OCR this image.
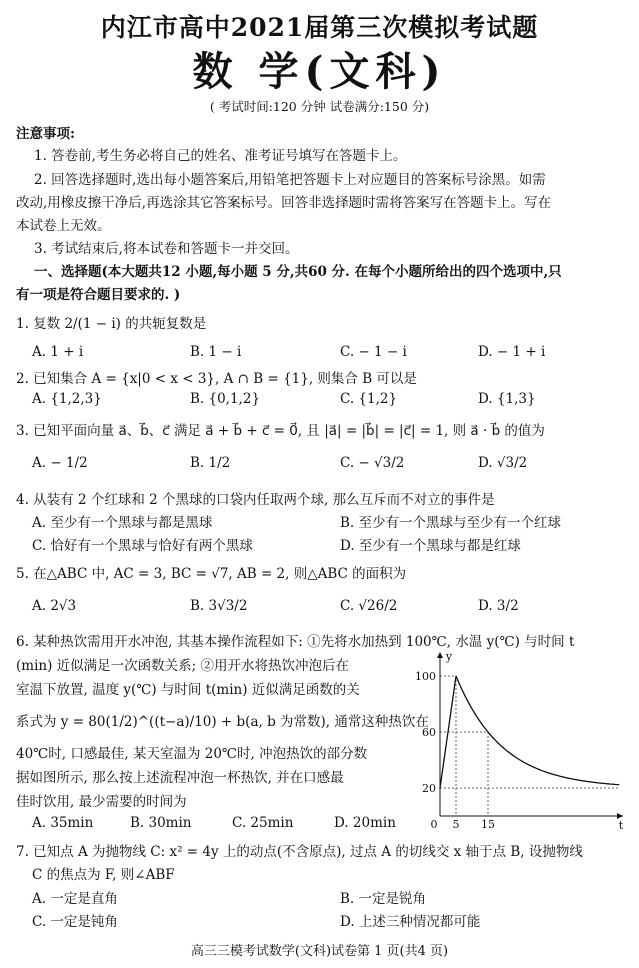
内江市高中2021届第三次模拟考试题
数 学(文科)
( 考试时间:120 分钟 试卷满分:150 分)
注意事项:
1. 答卷前,考生务必将自己的姓名、准考证号填写在答题卡上。
2. 回答选择题时,选出每小题答案后,用铅笔把答题卡上对应题目的答案标号涂黑。如需
改动,用橡皮擦干净后,再选涂其它答案标号。回答非选择题时需将答案写在答题卡上。写在
本试卷上无效。
3. 考试结束后,将本试卷和答题卡一并交回。
一、选择题(本大题共12 小题,每小题 5 分,共60 分. 在每个小题所给出的四个选项中,只
有一项是符合题目要求的. )
1. 复数 2/(1 − i) 的共轭复数是
A. 1 + i	B. 1 − i	C. − 1 − i	D. − 1 + i
2. 已知集合 A = {x|0 < x < 3}, A ∩ B = {1}, 则集合 B 可以是
A. {1,2,3}	B. {0,1,2}	C. {1,2}	D. {1,3}
3. 已知平面向量 a⃗、b⃗、c⃗ 满足 a⃗ + b⃗ + c⃗ = 0⃗, 且 |a⃗| = |b⃗| = |c⃗| = 1, 则 a⃗ · b⃗ 的值为
A. − 1/2	B. 1/2	C. − √3/2	D. √3/2
4. 从装有 2 个红球和 2 个黑球的口袋内任取两个球, 那么互斥而不对立的事件是
A. 至少有一个黑球与都是黑球	B. 至少有一个黑球与至少有一个红球
C. 恰好有一个黑球与恰好有两个黑球	D. 至少有一个黑球与都是红球
5. 在△ABC 中, AC = 3, BC = √7, AB = 2, 则△ABC 的面积为
A. 2√3	B. 3√3/2	C. √26/2	D. 3/2
6. 某种热饮需用开水冲泡, 其基本操作流程如下: ①先将水加热到 100℃, 水温 y(℃) 与时间 t
(min) 近似满足一次函数关系; ②用开水将热饮冲泡后在
室温下放置, 温度 y(℃) 与时间 t(min) 近似满足函数的关
系式为 y = 80(1/2)^((t−a)/10) + b(a, b 为常数), 通常这种热饮在
40℃时, 口感最佳, 某天室温为 20℃时, 冲泡热饮的部分数
据如图所示, 那么按上述流程冲泡一杯热饮, 并在口感最
佳时饮用, 最少需要的时间为
A. 35min	B. 30min	C. 25min	D. 20min	t
y
0
20
60
100
5 15
7. 已知点 A 为抛物线 C: x² = 4y 上的动点(不含原点), 过点 A 的切线交 x 轴于点 B, 设抛物线
C 的焦点为 F, 则∠ABF
A. 一定是直角	B. 一定是锐角
C. 一定是钝角	D. 上述三种情况都可能
高三三模考试数学(文科)试卷第 1 页(共4 页)
